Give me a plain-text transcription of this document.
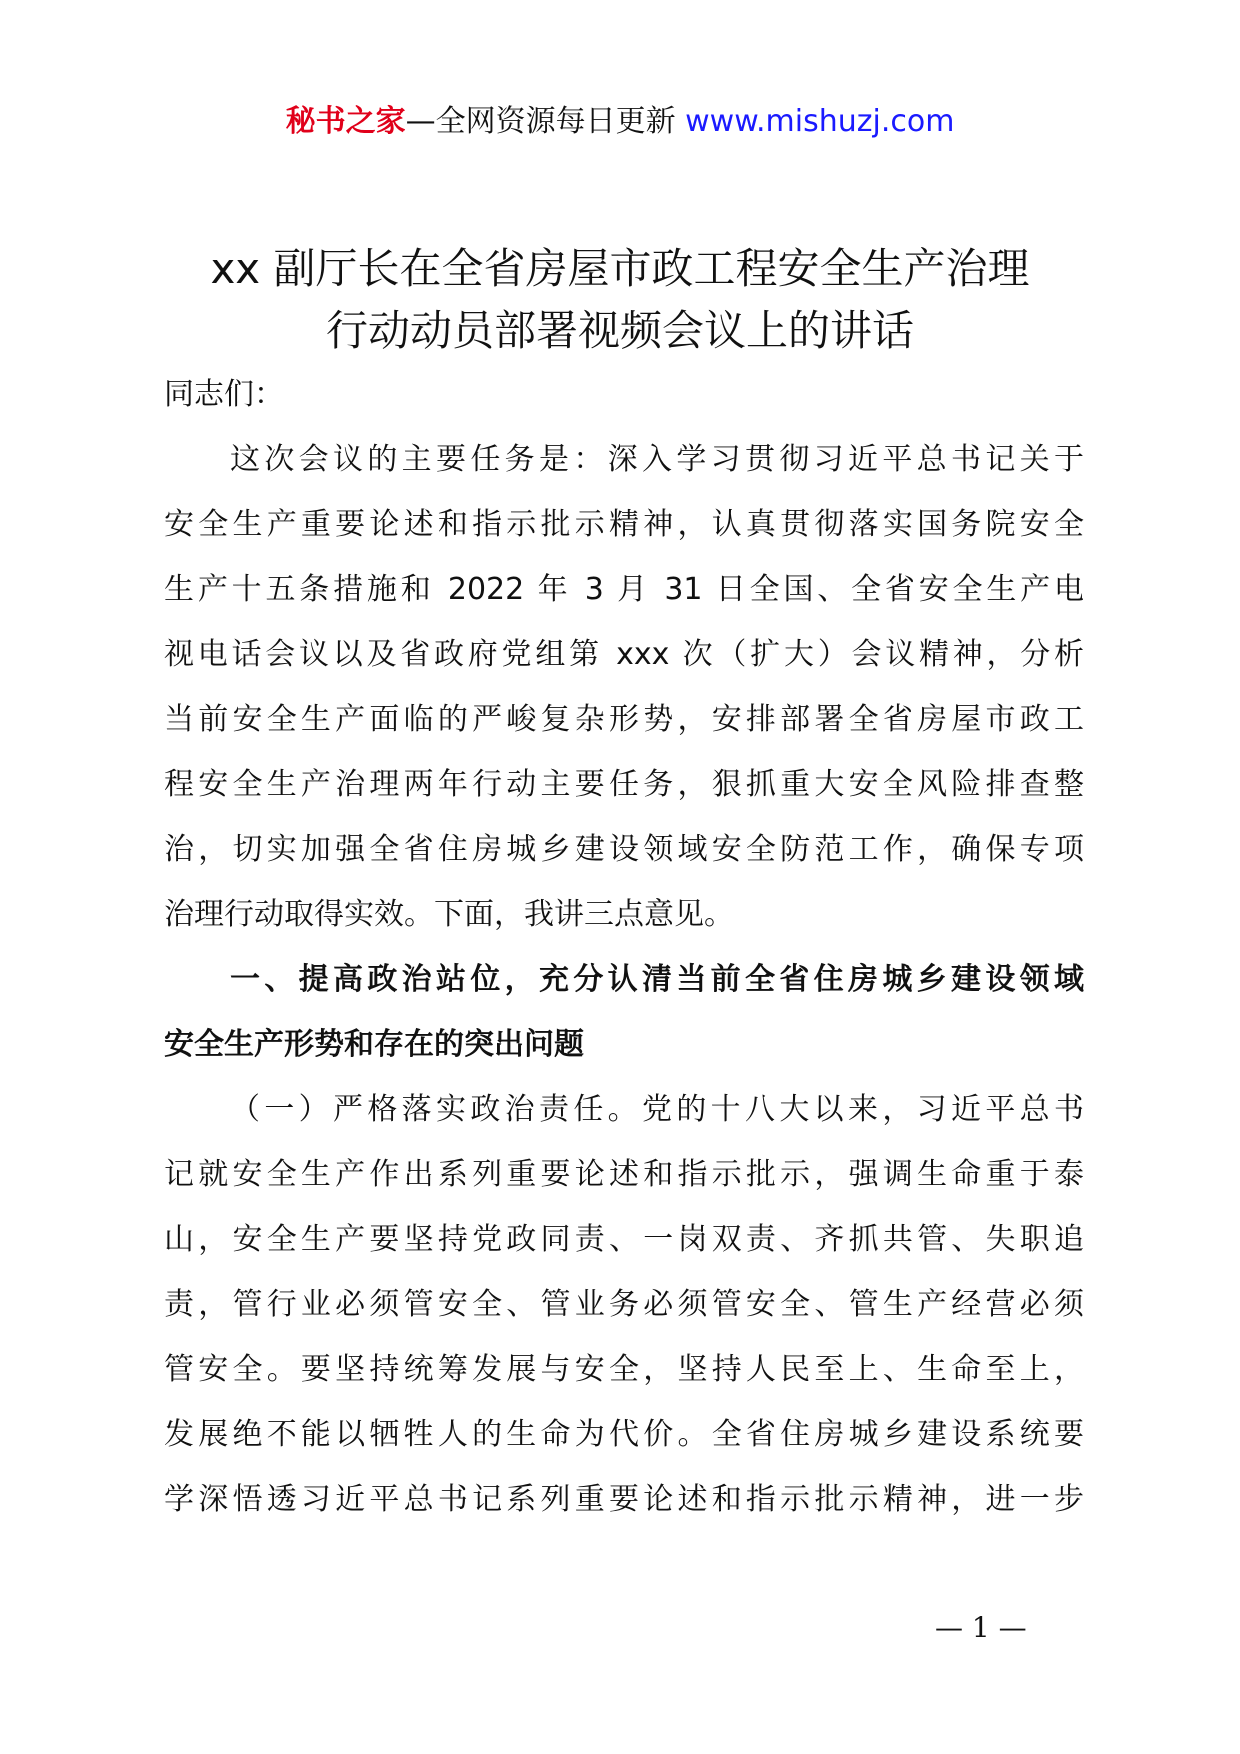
秘书之家—全网资源每日更新 www.mishuzj.com
xx 副厅长在全省房屋市政工程安全生产治理
行动动员部署视频会议上的讲话
同志们：
这次会议的主要任务是：深入学习贯彻习近平总书记关于
安全生产重要论述和指示批示精神，认真贯彻落实国务院安全
生产十五条措施和 2022 年 3 月 31 日全国、全省安全生产电
视电话会议以及省政府党组第 xxx 次（扩大）会议精神，分析
当前安全生产面临的严峻复杂形势，安排部署全省房屋市政工
程安全生产治理两年行动主要任务，狠抓重大安全风险排查整
治，切实加强全省住房城乡建设领域安全防范工作，确保专项
治理行动取得实效。下面，我讲三点意见。
一、提高政治站位，充分认清当前全省住房城乡建设领域
安全生产形势和存在的突出问题
（一）严格落实政治责任。党的十八大以来，习近平总书
记就安全生产作出系列重要论述和指示批示，强调生命重于泰
山，安全生产要坚持党政同责、一岗双责、齐抓共管、失职追
责，管行业必须管安全、管业务必须管安全、管生产经营必须
管安全。要坚持统筹发展与安全，坚持人民至上、生命至上，
发展绝不能以牺牲人的生命为代价。全省住房城乡建设系统要
学深悟透习近平总书记系列重要论述和指示批示精神，进一步
— 1 —
